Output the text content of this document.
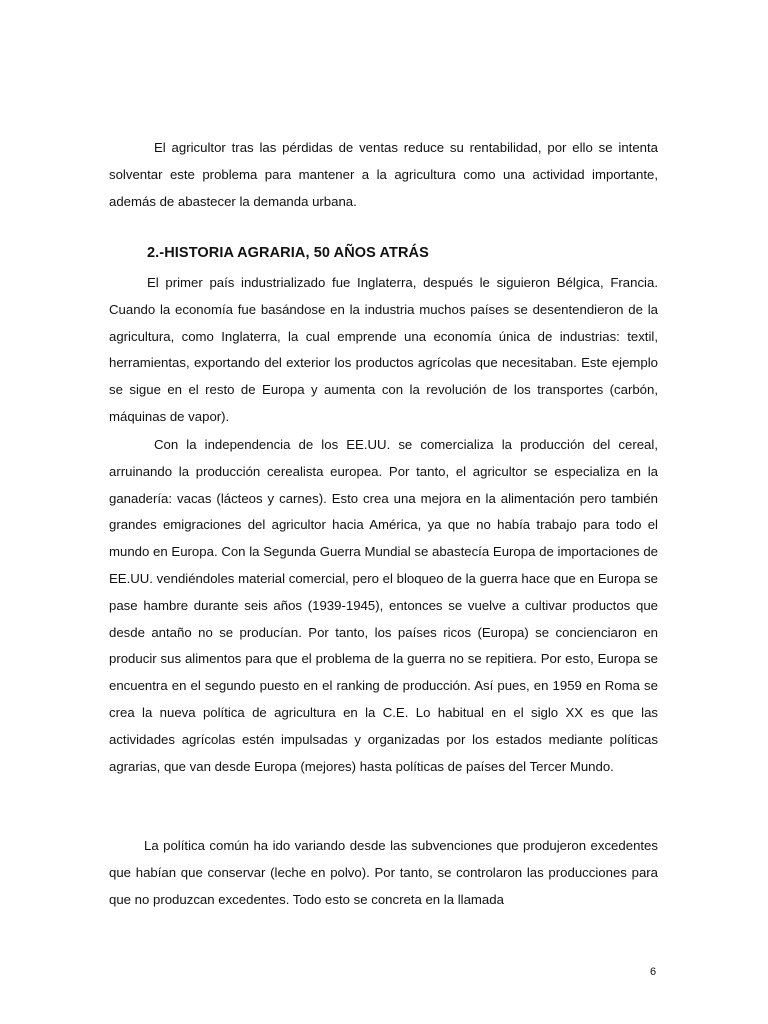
El agricultor tras las pérdidas de ventas reduce su rentabilidad, por ello se intenta solventar este problema para mantener a la agricultura como una actividad importante, además de abastecer la demanda urbana.

2.-HISTORIA AGRARIA, 50 AÑOS ATRÁS

El primer país industrializado fue Inglaterra, después le siguieron Bélgica, Francia. Cuando la economía fue basándose en la industria muchos países se desentendieron de la agricultura, como Inglaterra, la cual emprende una economía única de industrias: textil, herramientas, exportando del exterior los productos agrícolas que necesitaban. Este ejemplo se sigue en el resto de Europa y aumenta con la revolución de los transportes (carbón, máquinas de vapor).

Con la independencia de los EE.UU. se comercializa la producción del cereal, arruinando la producción cerealista europea. Por tanto, el agricultor se especializa en la ganadería: vacas (lácteos y carnes). Esto crea una mejora en la alimentación pero también grandes emigraciones del agricultor hacia América, ya que no había trabajo para todo el mundo en Europa. Con la Segunda Guerra Mundial se abastecía Europa de importaciones de EE.UU. vendiéndoles material comercial, pero el bloqueo de la guerra hace que en Europa se pase hambre durante seis años (1939-1945), entonces se vuelve a cultivar productos que desde antaño no se producían. Por tanto, los países ricos (Europa) se concienciaron en producir sus alimentos para que el problema de la guerra no se repitiera. Por esto, Europa se encuentra en el segundo puesto en el ranking de producción. Así pues, en 1959 en Roma se crea la nueva política de agricultura en la C.E. Lo habitual en el siglo XX es que las actividades agrícolas estén impulsadas y organizadas por los estados mediante políticas agrarias, que van desde Europa (mejores) hasta políticas de países del Tercer Mundo.

La política común ha ido variando desde las subvenciones que produjeron excedentes que habían que conservar (leche en polvo). Por tanto, se controlaron las producciones para que no produzcan excedentes. Todo esto se concreta en la llamada

6
